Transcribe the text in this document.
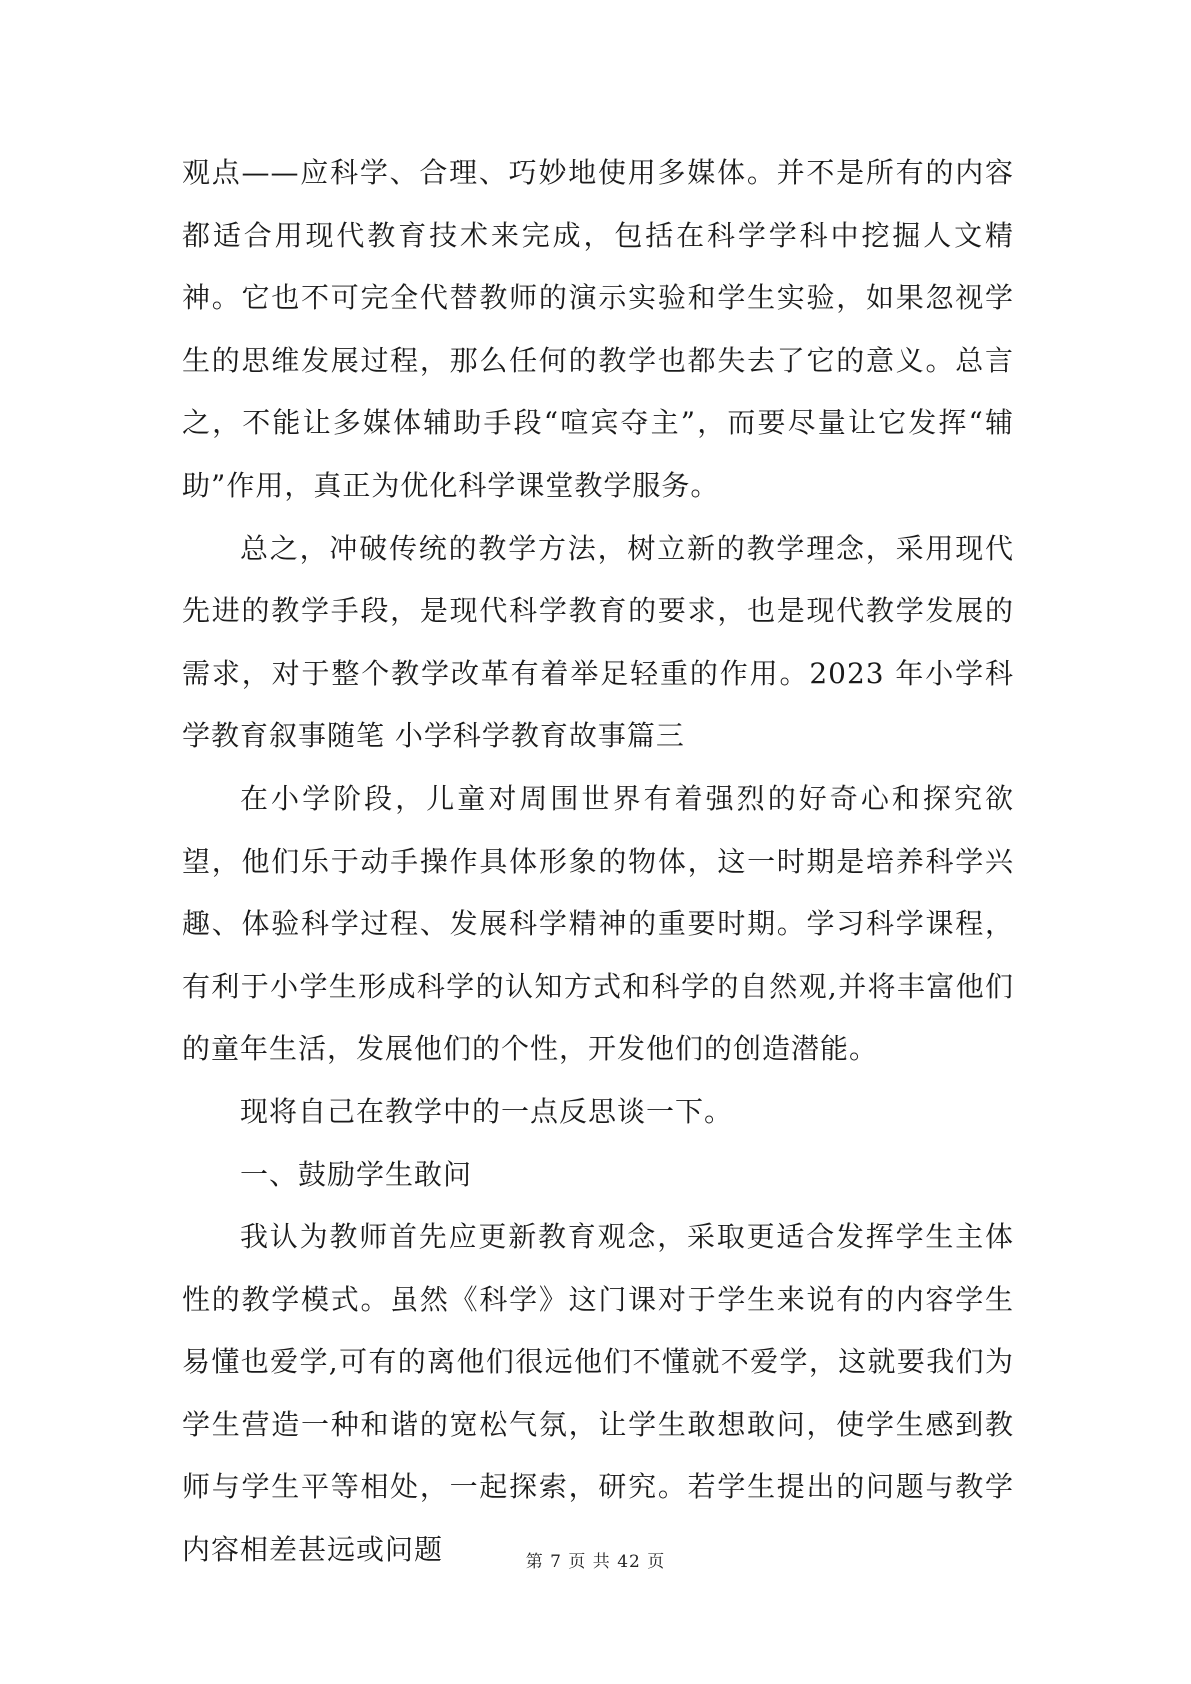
观点——应科学、合理、巧妙地使用多媒体。并不是所有的内容都适合用现代教育技术来完成，包括在科学学科中挖掘人文精神。它也不可完全代替教师的演示实验和学生实验，如果忽视学生的思维发展过程，那么任何的教学也都失去了它的意义。总言之，不能让多媒体辅助手段“喧宾夺主”，而要尽量让它发挥“辅助”作用，真正为优化科学课堂教学服务。

总之，冲破传统的教学方法，树立新的教学理念，采用现代先进的教学手段，是现代科学教育的要求，也是现代教学发展的需求，对于整个教学改革有着举足轻重的作用。2023 年小学科学教育叙事随笔 小学科学教育故事篇三

在小学阶段，儿童对周围世界有着强烈的好奇心和探究欲望，他们乐于动手操作具体形象的物体，这一时期是培养科学兴趣、体验科学过程、发展科学精神的重要时期。学习科学课程，有利于小学生形成科学的认知方式和科学的自然观,并将丰富他们的童年生活，发展他们的个性，开发他们的创造潜能。

现将自己在教学中的一点反思谈一下。

一、鼓励学生敢问

我认为教师首先应更新教育观念，采取更适合发挥学生主体性的教学模式。虽然《科学》这门课对于学生来说有的内容学生易懂也爱学,可有的离他们很远他们不懂就不爱学，这就要我们为学生营造一种和谐的宽松气氛，让学生敢想敢问，使学生感到教师与学生平等相处，一起探索，研究。若学生提出的问题与教学内容相差甚远或问题	第 7 页 共 42 页
